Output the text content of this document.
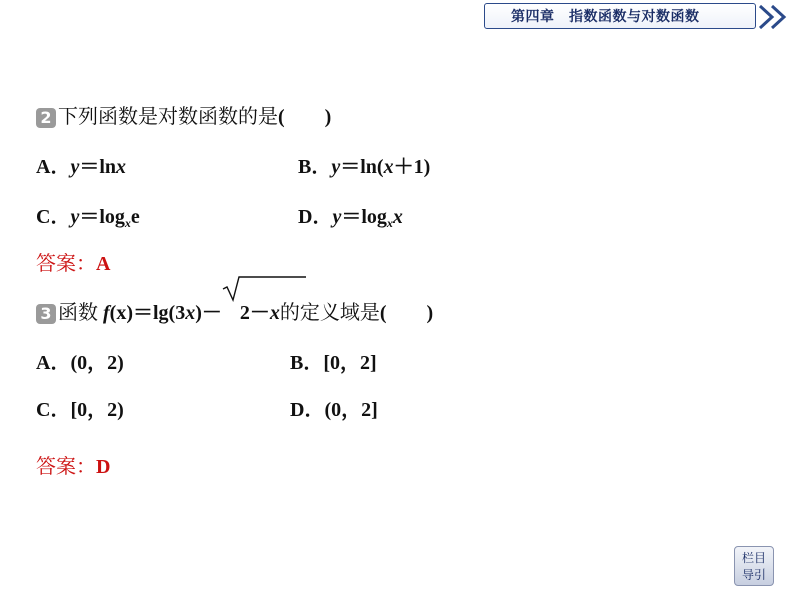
第四章　指数函数与对数函数
2 下列函数是对数函数的是(　　)
A．y＝lnx	B．y＝ln(x＋1)
C．$y=\log_xe$	D．$y=\log_xx$
答案：A
3 函数 f(x)＝lg(3x)－ 2－x的定义域是(　　)
A．(0，2)	B．[0，2]
C．[0，2)	D．(0，2]
答案：D
栏目
导引
